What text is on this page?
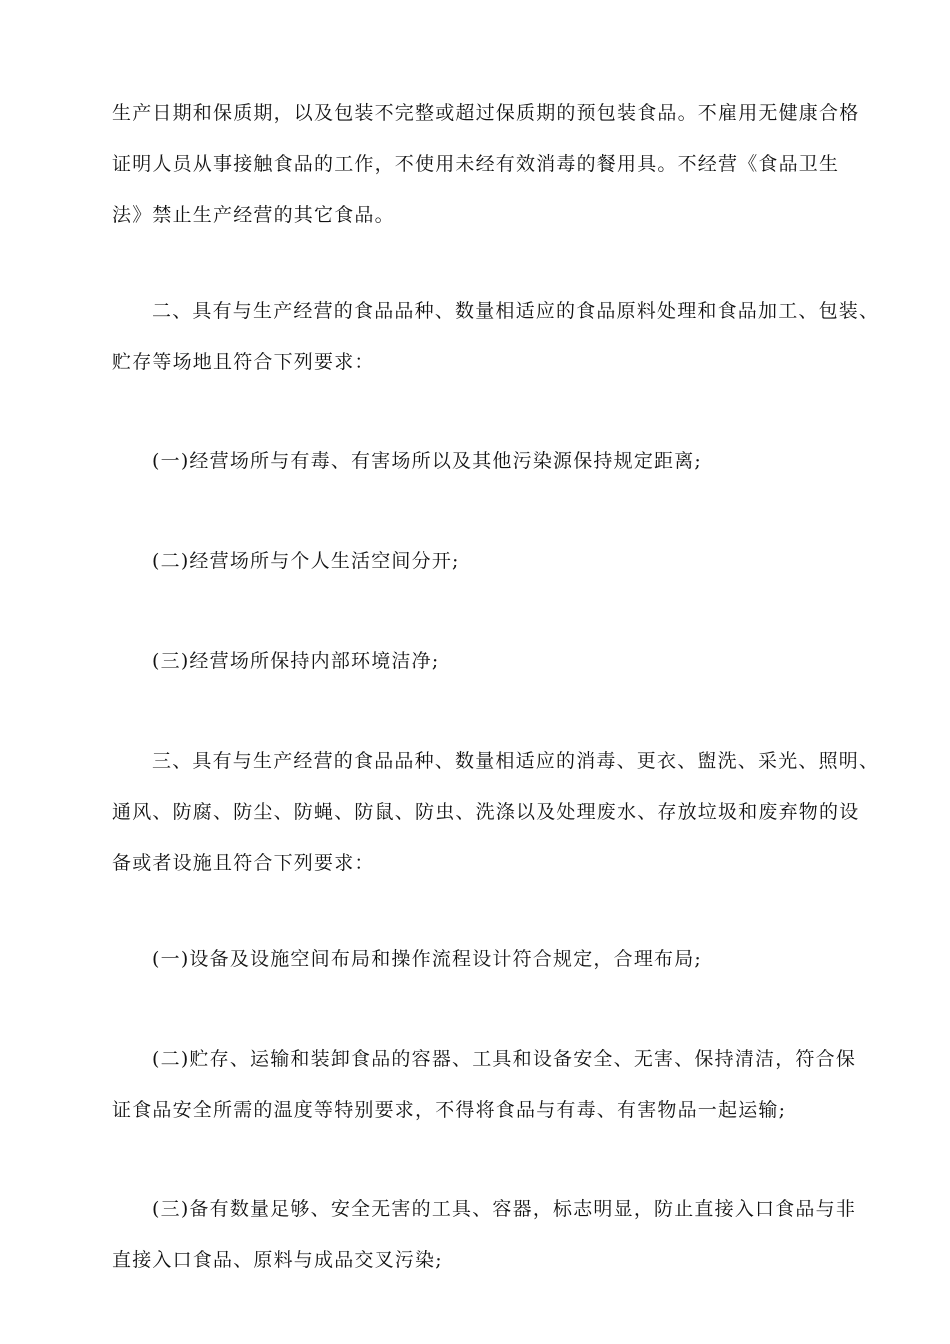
生产日期和保质期，以及包装不完整或超过保质期的预包装食品。不雇用无健康合格
证明人员从事接触食品的工作，不使用未经有效消毒的餐用具。不经营《食品卫生
法》禁止生产经营的其它食品。
二、具有与生产经营的食品品种、数量相适应的食品原料处理和食品加工、包装、
贮存等场地且符合下列要求：
(一)经营场所与有毒、有害场所以及其他污染源保持规定距离;
(二)经营场所与个人生活空间分开;
(三)经营场所保持内部环境洁净;
三、具有与生产经营的食品品种、数量相适应的消毒、更衣、盥洗、采光、照明、
通风、防腐、防尘、防蝇、防鼠、防虫、洗涤以及处理废水、存放垃圾和废弃物的设
备或者设施且符合下列要求：
(一)设备及设施空间布局和操作流程设计符合规定，合理布局;
(二)贮存、运输和装卸食品的容器、工具和设备安全、无害、保持清洁，符合保
证食品安全所需的温度等特别要求，不得将食品与有毒、有害物品一起运输;
(三)备有数量足够、安全无害的工具、容器，标志明显，防止直接入口食品与非
直接入口食品、原料与成品交叉污染;
